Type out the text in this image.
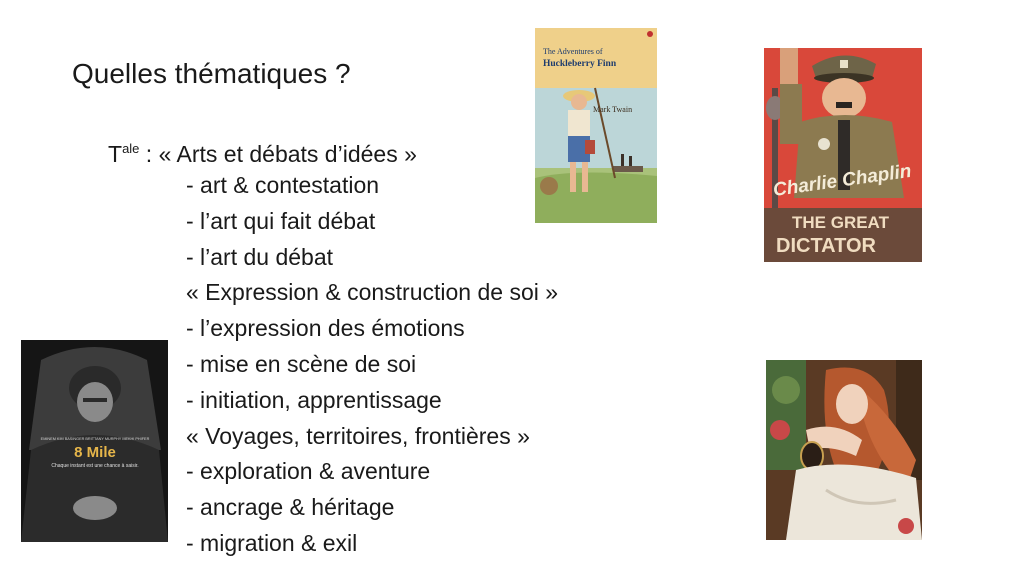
Quelles thématiques ?
$T^{ale}$ : « Arts et débats d’idées »
- art & contestation
- l’art qui fait débat
- l’art du débat
« Expression & construction de soi »
- l’expression des émotions
- mise en scène de soi
- initiation, apprentissage
« Voyages, territoires, frontières »
- exploration & aventure
- ancrage & héritage
- migration & exil
The Adventures of
Huckleberry Finn
Mark Twain
Charlie Chaplin
THE GREAT
DICTATOR
EMINEM KIM BASINGER BRITTANY MURPHY MEKHI PHIFER
8 Mile
Chaque instant est une chance à saisir.
